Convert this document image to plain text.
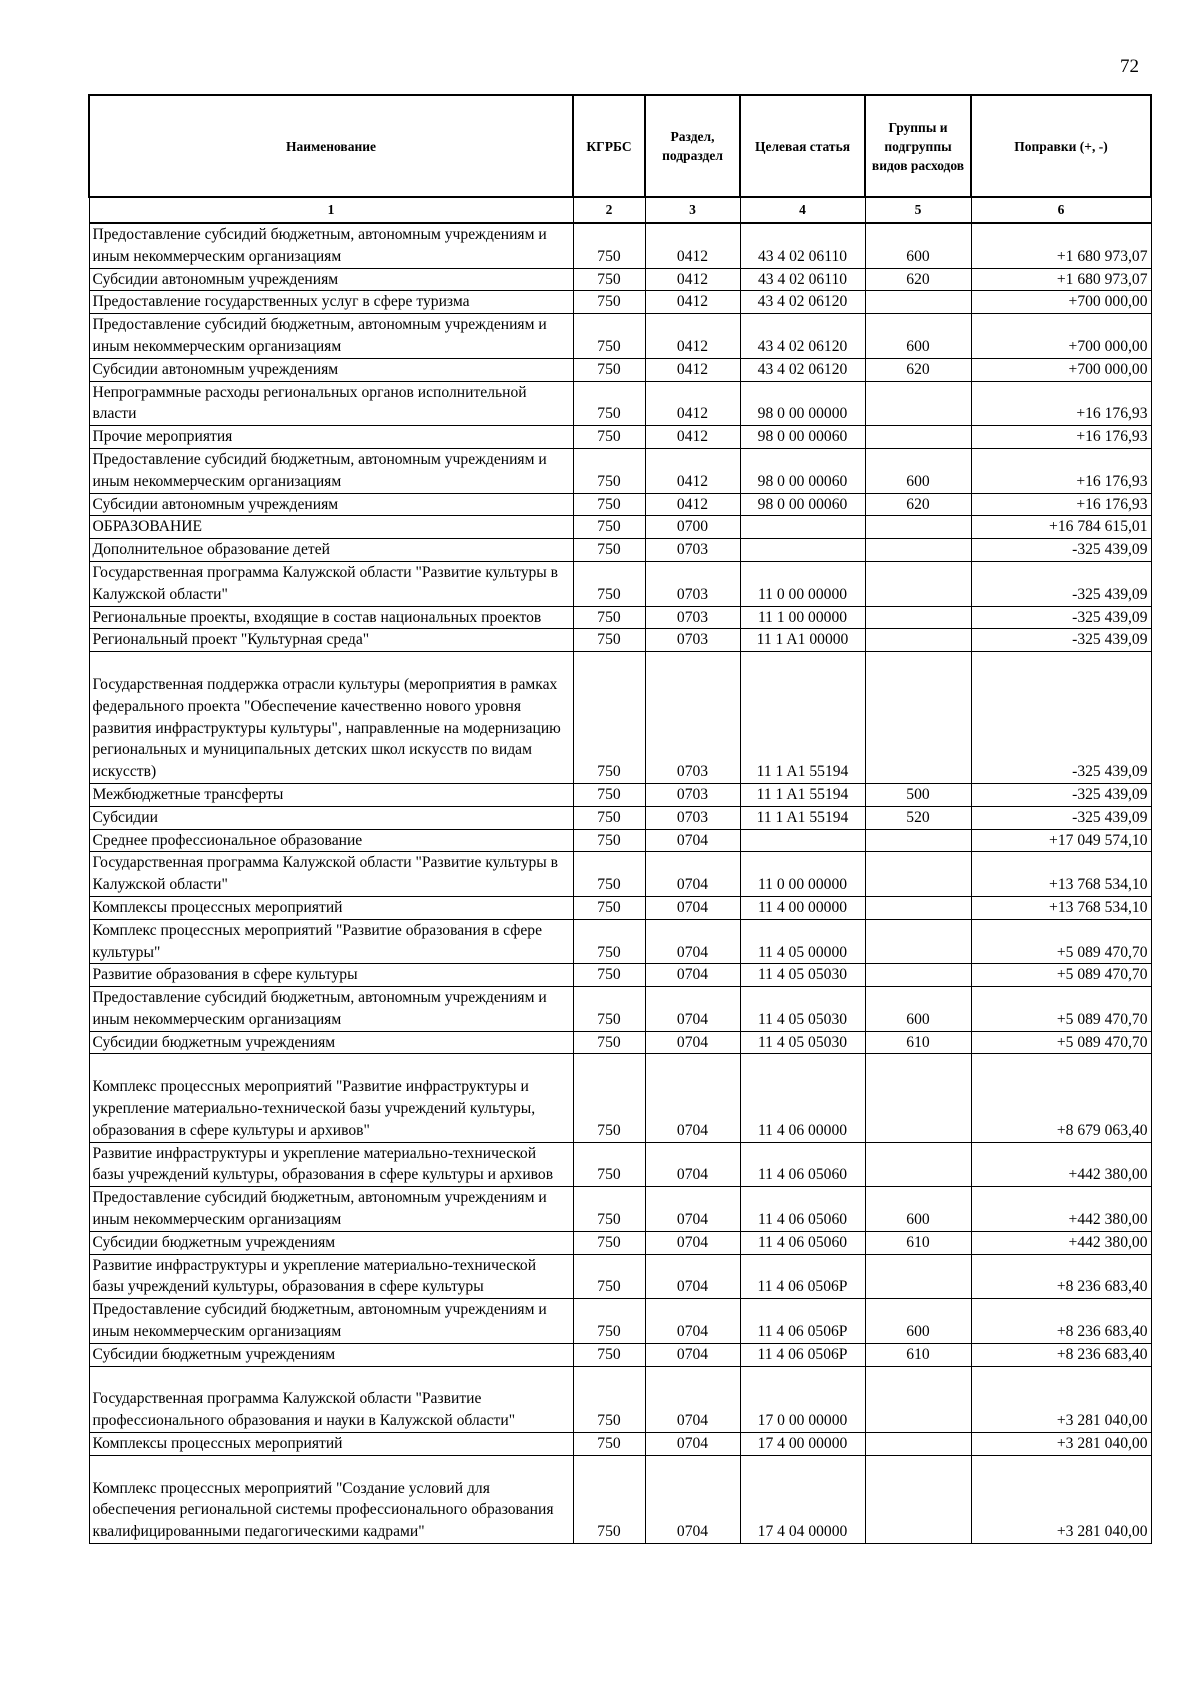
72
Наименование	КГРБС	Раздел, подраздел	Целевая статья	Группы и подгруппы видов расходов	Поправки (+, -)
1	2	3	4	5	6
Предоставление субсидий бюджетным, автономным учреждениям и иным некоммерческим организациям	750	0412	43 4 02 06110	600	+1 680 973,07
Субсидии автономным учреждениям	750	0412	43 4 02 06110	620	+1 680 973,07
Предоставление государственных услуг в сфере туризма	750	0412	43 4 02 06120		+700 000,00
Предоставление субсидий бюджетным, автономным учреждениям и иным некоммерческим организациям	750	0412	43 4 02 06120	600	+700 000,00
Субсидии автономным учреждениям	750	0412	43 4 02 06120	620	+700 000,00
Непрограммные расходы региональных органов исполнительной власти	750	0412	98 0 00 00000		+16 176,93
Прочие мероприятия	750	0412	98 0 00 00060		+16 176,93
Предоставление субсидий бюджетным, автономным учреждениям и иным некоммерческим организациям	750	0412	98 0 00 00060	600	+16 176,93
Субсидии автономным учреждениям	750	0412	98 0 00 00060	620	+16 176,93
ОБРАЗОВАНИЕ	750	0700			+16 784 615,01
Дополнительное образование детей	750	0703			-325 439,09
Государственная программа Калужской области "Развитие культуры в Калужской области"	750	0703	11 0 00 00000		-325 439,09
Региональные проекты, входящие в состав национальных проектов	750	0703	11 1 00 00000		-325 439,09
Региональный проект "Культурная среда"	750	0703	11 1 A1 00000		-325 439,09

Государственная поддержка отрасли культуры (мероприятия в рамках федерального проекта "Обеспечение качественно нового уровня развития инфраструктуры культуры", направленные на модернизацию региональных и муниципальных детских школ искусств по видам искусств)	750	0703	11 1 A1 55194		-325 439,09
Межбюджетные трансферты	750	0703	11 1 A1 55194	500	-325 439,09
Субсидии	750	0703	11 1 A1 55194	520	-325 439,09
Среднее профессиональное образование	750	0704			+17 049 574,10
Государственная программа Калужской области "Развитие культуры в Калужской области"	750	0704	11 0 00 00000		+13 768 534,10
Комплексы процессных мероприятий	750	0704	11 4 00 00000		+13 768 534,10
Комплекс процессных мероприятий "Развитие образования в сфере культуры"	750	0704	11 4 05 00000		+5 089 470,70
Развитие образования в сфере культуры	750	0704	11 4 05 05030		+5 089 470,70
Предоставление субсидий бюджетным, автономным учреждениям и иным некоммерческим организациям	750	0704	11 4 05 05030	600	+5 089 470,70
Субсидии бюджетным учреждениям	750	0704	11 4 05 05030	610	+5 089 470,70

Комплекс процессных мероприятий "Развитие инфраструктуры и укрепление материально-технической базы учреждений культуры, образования в сфере культуры и архивов"	750	0704	11 4 06 00000		+8 679 063,40
Развитие инфраструктуры и укрепление материально-технической базы учреждений культуры, образования в сфере культуры и архивов	750	0704	11 4 06 05060		+442 380,00
Предоставление субсидий бюджетным, автономным учреждениям и иным некоммерческим организациям	750	0704	11 4 06 05060	600	+442 380,00
Субсидии бюджетным учреждениям	750	0704	11 4 06 05060	610	+442 380,00
Развитие инфраструктуры и укрепление материально-технической базы учреждений культуры, образования в сфере культуры	750	0704	11 4 06 0506Р		+8 236 683,40
Предоставление субсидий бюджетным, автономным учреждениям и иным некоммерческим организациям	750	0704	11 4 06 0506Р	600	+8 236 683,40
Субсидии бюджетным учреждениям	750	0704	11 4 06 0506Р	610	+8 236 683,40

Государственная программа Калужской области "Развитие профессионального образования и науки в Калужской области"	750	0704	17 0 00 00000		+3 281 040,00
Комплексы процессных мероприятий	750	0704	17 4 00 00000		+3 281 040,00

Комплекс процессных мероприятий "Создание условий для обеспечения региональной системы профессионального образования квалифицированными педагогическими кадрами"	750	0704	17 4 04 00000		+3 281 040,00
